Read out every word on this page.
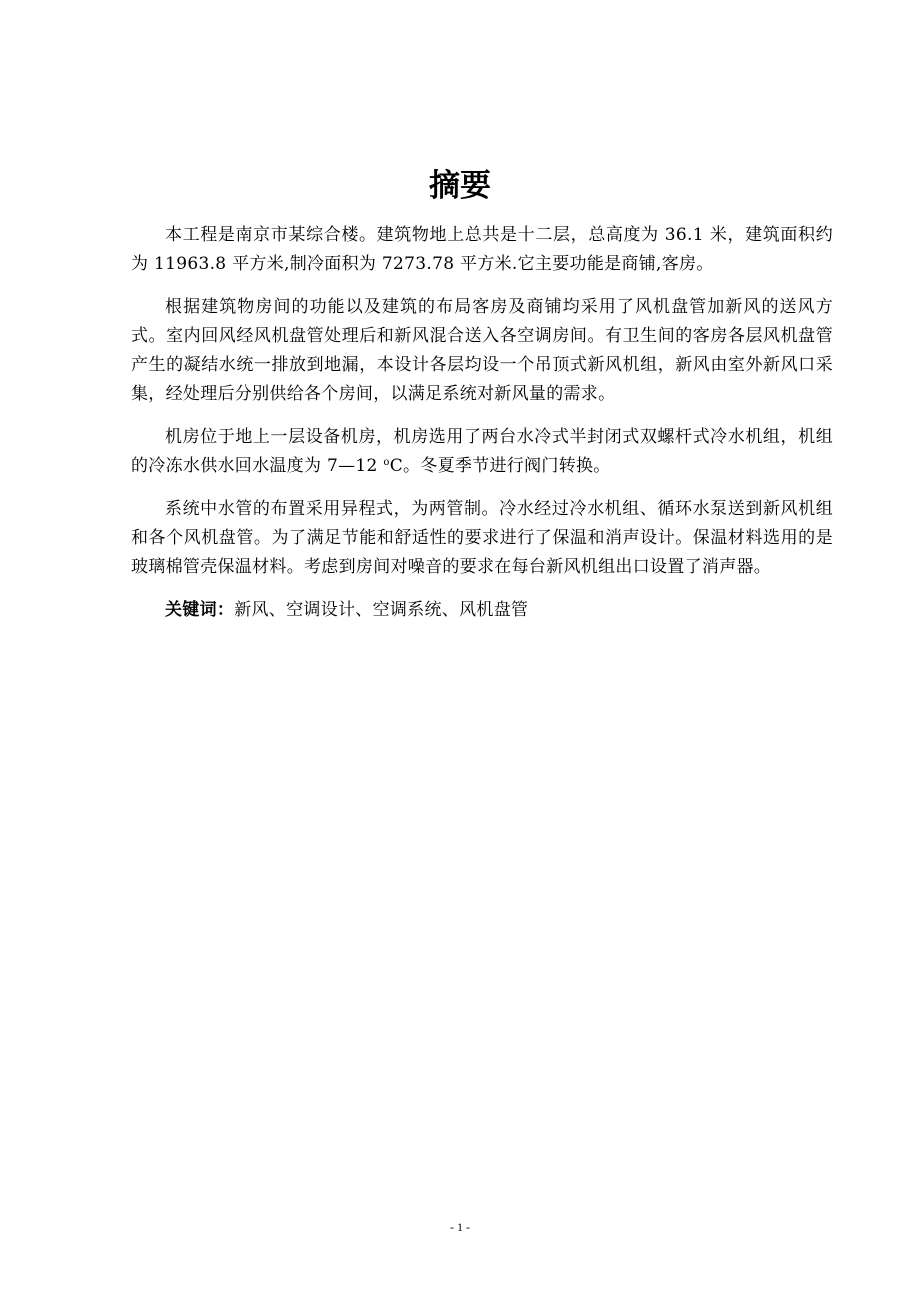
摘要

本工程是南京市某综合楼。建筑物地上总共是十二层，总高度为 36.1 米，建筑面积约为 11963.8 平方米,制冷面积为 7273.78 平方米.它主要功能是商铺,客房。

根据建筑物房间的功能以及建筑的布局客房及商铺均采用了风机盘管加新风的送风方式。室内回风经风机盘管处理后和新风混合送入各空调房间。有卫生间的客房各层风机盘管产生的凝结水统一排放到地漏，本设计各层均设一个吊顶式新风机组，新风由室外新风口采集，经处理后分别供给各个房间，以满足系统对新风量的需求。

机房位于地上一层设备机房，机房选用了两台水冷式半封闭式双螺杆式冷水机组，机组的冷冻水供水回水温度为 7—12 $^o$C。冬夏季节进行阀门转换。

系统中水管的布置采用异程式，为两管制。冷水经过冷水机组、循环水泵送到新风机组和各个风机盘管。为了满足节能和舒适性的要求进行了保温和消声设计。保温材料选用的是玻璃棉管壳保温材料。考虑到房间对噪音的要求在每台新风机组出口设置了消声器。

关键词：新风、空调设计、空调系统、风机盘管

- 1 -
